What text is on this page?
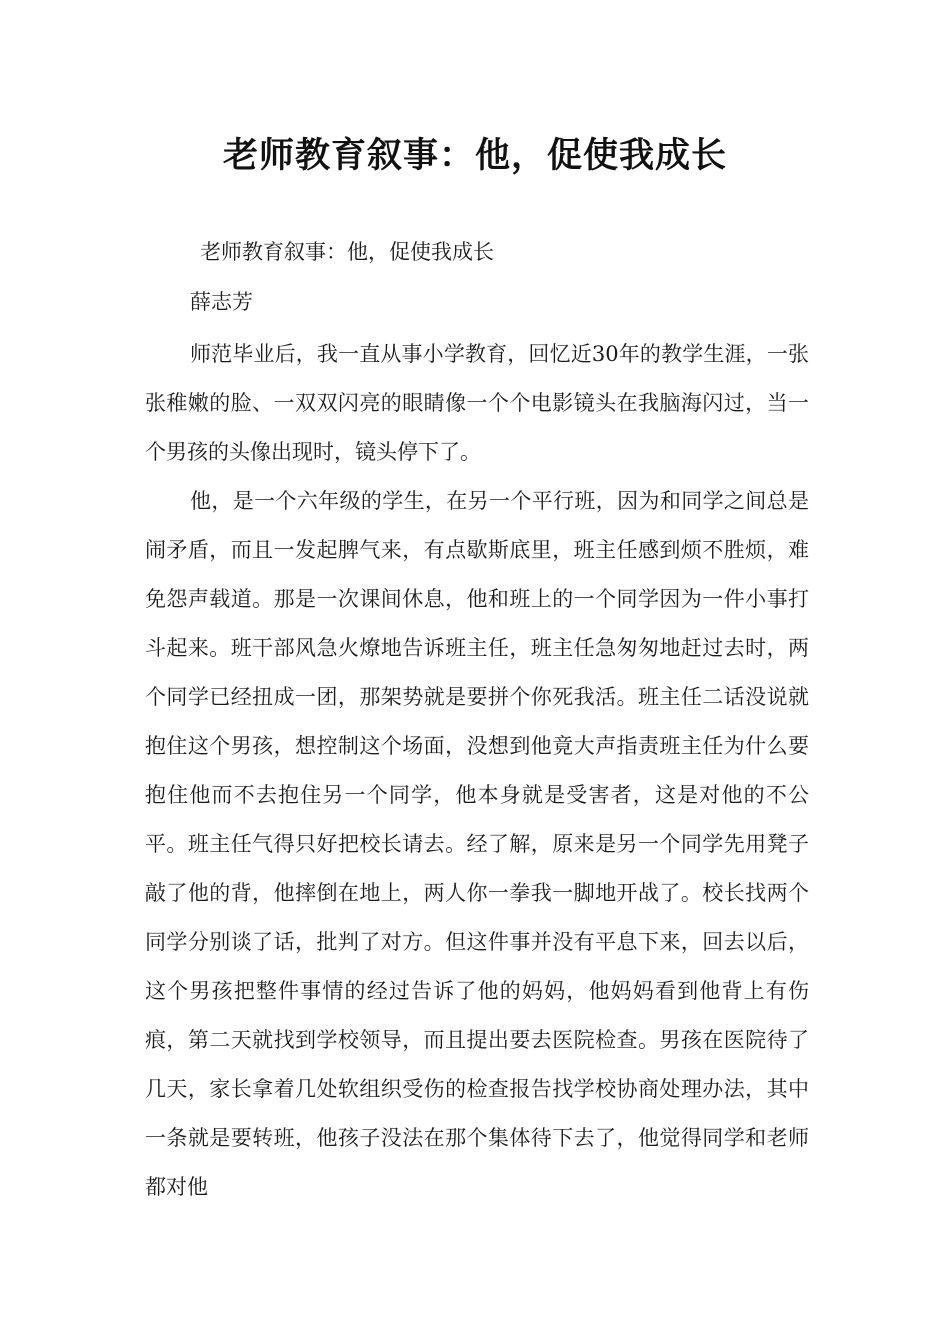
老师教育叙事：他，促使我成长
老师教育叙事：他，促使我成长
薛志芳

师范毕业后，我一直从事小学教育，回忆近30年的教学生涯，一张张稚嫩的脸、一双双闪亮的眼睛像一个个电影镜头在我脑海闪过，当一个男孩的头像出现时，镜头停下了。

他，是一个六年级的学生，在另一个平行班，因为和同学之间总是闹矛盾，而且一发起脾气来，有点歇斯底里，班主任感到烦不胜烦，难免怨声载道。那是一次课间休息，他和班上的一个同学因为一件小事打斗起来。班干部风急火燎地告诉班主任，班主任急匆匆地赶过去时，两个同学已经扭成一团，那架势就是要拼个你死我活。班主任二话没说就抱住这个男孩，想控制这个场面，没想到他竟大声指责班主任为什么要抱住他而不去抱住另一个同学，他本身就是受害者，这是对他的不公平。班主任气得只好把校长请去。经了解，原来是另一个同学先用凳子敲了他的背，他摔倒在地上，两人你一拳我一脚地开战了。校长找两个同学分别谈了话，批判了对方。但这件事并没有平息下来，回去以后，这个男孩把整件事情的经过告诉了他的妈妈，他妈妈看到他背上有伤痕，第二天就找到学校领导，而且提出要去医院检查。男孩在医院待了几天，家长拿着几处软组织受伤的检查报告找学校协商处理办法，其中一条就是要转班，他孩子没法在那个集体待下去了，他觉得同学和老师都对他
